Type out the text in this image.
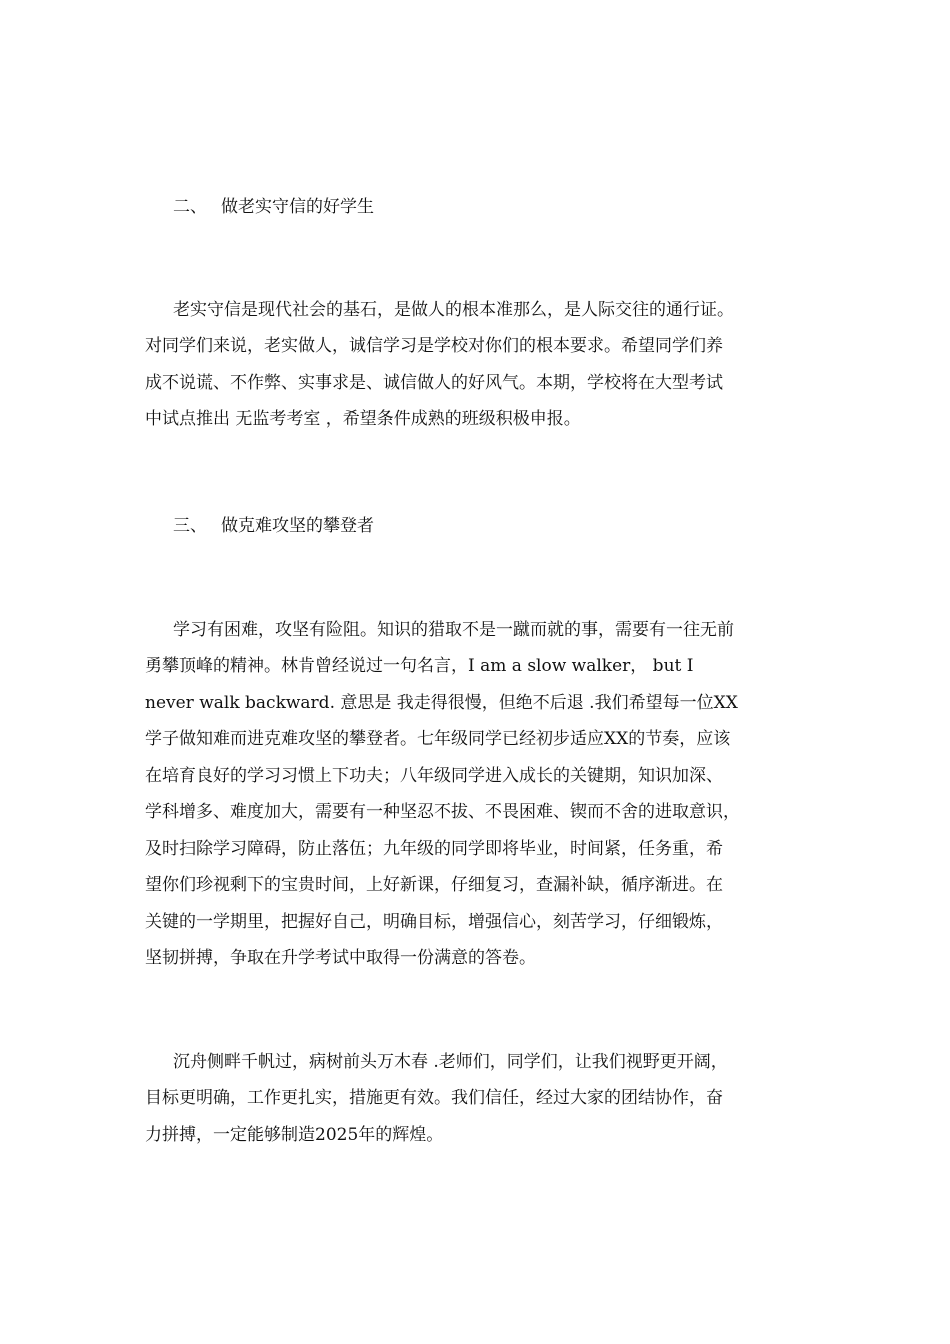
二、 做老实守信的好学生

老实守信是现代社会的基石，是做人的根本准那么，是人际交往的通行证。

对同学们来说，老实做人，诚信学习是学校对你们的根本要求。希望同学们养

成不说谎、不作弊、实事求是、诚信做人的好风气。本期，学校将在大型考试

中试点推出 无监考考室 ，希望条件成熟的班级积极申报。

三、 做克难攻坚的攀登者

学习有困难，攻坚有险阻。知识的猎取不是一蹴而就的事，需要有一往无前

勇攀顶峰的精神。林肯曾经说过一句名言，I am a slow walker， but I

never walk backward. 意思是 我走得很慢，但绝不后退 .我们希望每一位XX

学子做知难而进克难攻坚的攀登者。七年级同学已经初步适应XX的节奏，应该

在培育良好的学习习惯上下功夫；八年级同学进入成长的关键期，知识加深、

学科增多、难度加大，需要有一种坚忍不拔、不畏困难、锲而不舍的进取意识，

及时扫除学习障碍，防止落伍；九年级的同学即将毕业，时间紧，任务重，希

望你们珍视剩下的宝贵时间，上好新课，仔细复习，查漏补缺，循序渐进。在

关键的一学期里，把握好自己，明确目标，增强信心，刻苦学习，仔细锻炼，

坚韧拼搏，争取在升学考试中取得一份满意的答卷。

沉舟侧畔千帆过，病树前头万木春 .老师们，同学们，让我们视野更开阔，

目标更明确，工作更扎实，措施更有效。我们信任，经过大家的团结协作，奋

力拼搏，一定能够制造2025年的辉煌。
